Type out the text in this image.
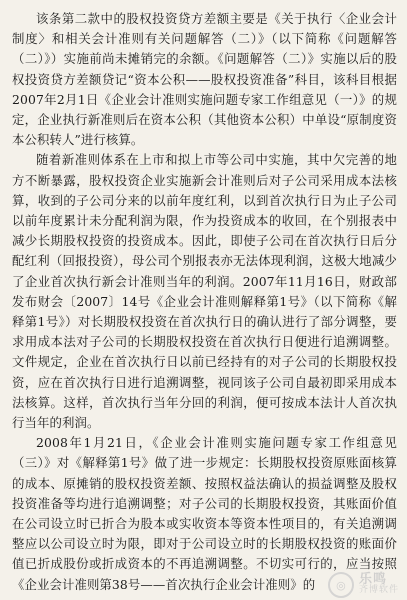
该条第二款中的股权投资贷方差额主要是《关于执行〈企业会计制度〉和相关会计准则有关问题解答（二）》（以下简称《问题解答（二）》）实施前尚未摊销完的余额。《问题解答（二）》实施以后的股权投资贷方差额贷记“资本公积——股权投资准备”科目，该科目根据2007年2月1日《企业会计准则实施问题专家工作组意见（一）》的规定，企业执行新准则后在资本公积（其他资本公积）中单设“原制度资本公积转人”进行核算。

随着新准则体系在上市和拟上市等公司中实施，其中欠完善的地方不断暴露，股权投资企业实施新会计准则后对子公司采用成本法核算，收到的子公司分来的以前年度红利，以到首次执行日为止子公司以前年度累计未分配利润为限，作为投资成本的收回，在个别报表中减少长期股权投资的投资成本。因此，即使子公司在首次执行日后分配红利（回报投资），母公司个别报表亦无法体现利润，这极大地减少了企业首次执行新会计准则当年的利润。2007年11月16日，财政部发布财会〔2007〕14号《企业会计准则解释第1号》（以下简称《解释第1号》）对长期股权投资在首次执行日的确认进行了部分调整，要求用成本法对子公司的长期股权投资在首次执行日便进行追溯调整。文件规定，企业在首次执行日以前已经持有的对子公司的长期股权投资，应在首次执行日进行追溯调整，视同该子公司自最初即采用成本法核算。这样，首次执行当年分回的利润，便可按成本法计人首次执行当年的利润。

2008年1月21日，《企业会计准则实施问题专家工作组意见（三）》对《解释第1号》做了进一步规定：长期股权投资原账面核算的成本、原摊销的股权投资差额、按照权益法确认的损益调整及股权投资准备等均进行追溯调整；对子公司的长期股权投资，其账面价值在公司设立时已折合为股本或实收资本等资本性项目的，有关追溯调整应以公司设立时为限，即对于公司设立时的长期股权投资的账面价值已折成股份或折成资本的不再追溯调整。不切实可行的，应当按照《企业会计准则第38号——首次执行企业会计准则》的	◎	乐鸣
齐博软件
